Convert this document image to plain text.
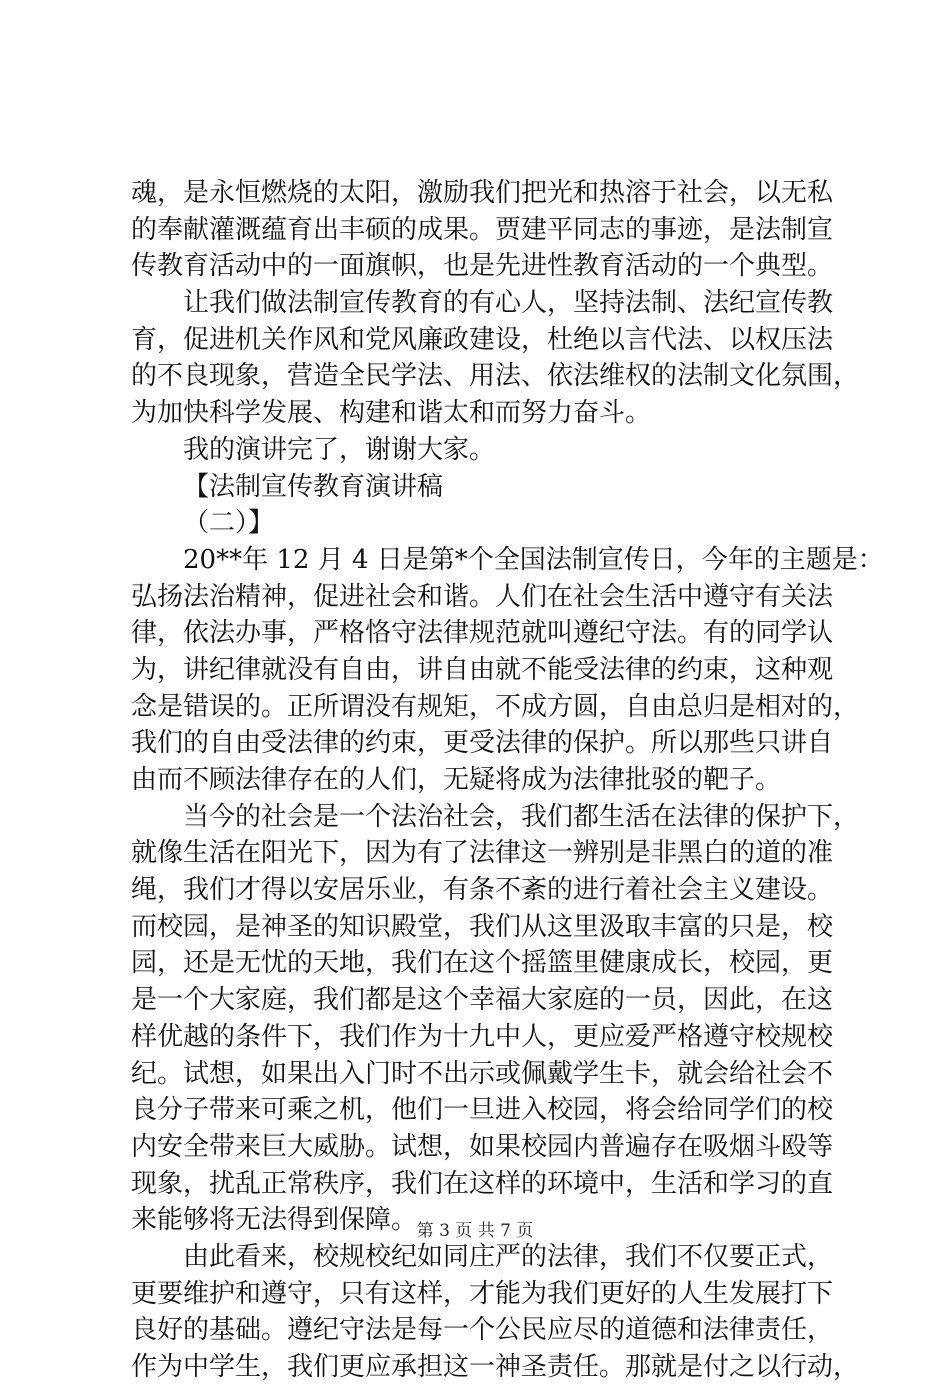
魂，是永恒燃烧的太阳，激励我们把光和热溶于社会，以无私
的奉献灌溉蕴育出丰硕的成果。贾建平同志的事迹，是法制宣
传教育活动中的一面旗帜，也是先进性教育活动的一个典型。
让我们做法制宣传教育的有心人，坚持法制、法纪宣传教
育，促进机关作风和党风廉政建设，杜绝以言代法、以权压法
的不良现象，营造全民学法、用法、依法维权的法制文化氛围，
为加快科学发展、构建和谐太和而努力奋斗。
我的演讲完了，谢谢大家。
【法制宣传教育演讲稿
（二）】
20**年 12 月 4 日是第*个全国法制宣传日，今年的主题是：
弘扬法治精神，促进社会和谐。人们在社会生活中遵守有关法
律，依法办事，严格恪守法律规范就叫遵纪守法。有的同学认
为，讲纪律就没有自由，讲自由就不能受法律的约束，这种观
念是错误的。正所谓没有规矩，不成方圆，自由总归是相对的，
我们的自由受法律的约束，更受法律的保护。所以那些只讲自
由而不顾法律存在的人们，无疑将成为法律批驳的靶子。
当今的社会是一个法治社会，我们都生活在法律的保护下，
就像生活在阳光下，因为有了法律这一辨别是非黑白的道的准
绳，我们才得以安居乐业，有条不紊的进行着社会主义建设。
而校园，是神圣的知识殿堂，我们从这里汲取丰富的只是，校
园，还是无忧的天地，我们在这个摇篮里健康成长，校园，更
是一个大家庭，我们都是这个幸福大家庭的一员，因此，在这
样优越的条件下，我们作为十九中人，更应爱严格遵守校规校
纪。试想，如果出入门时不出示或佩戴学生卡，就会给社会不
良分子带来可乘之机，他们一旦进入校园，将会给同学们的校
内安全带来巨大威胁。试想，如果校园内普遍存在吸烟斗殴等
现象，扰乱正常秩序，我们在这样的环境中，生活和学习的直
来能够将无法得到保障。
由此看来，校规校纪如同庄严的法律，我们不仅要正式，
更要维护和遵守，只有这样，才能为我们更好的人生发展打下
良好的基础。遵纪守法是每一个公民应尽的道德和法律责任，
作为中学生，我们更应承担这一神圣责任。那就是付之以行动，
第 3 页 共 7 页
